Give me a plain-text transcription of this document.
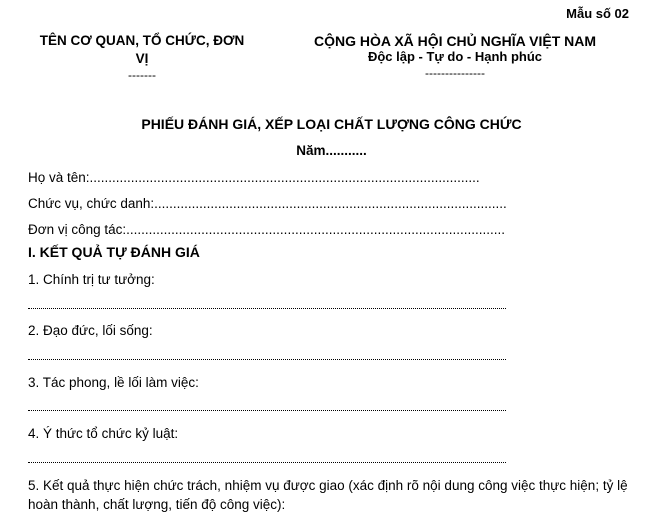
Mẫu số 02
TÊN CƠ QUAN, TỔ CHỨC, ĐƠN
VỊ
-------
CỘNG HÒA XÃ HỘI CHỦ NGHĨA VIỆT NAM
Độc lập - Tự do - Hạnh phúc
---------------
PHIẾU ĐÁNH GIÁ, XẾP LOẠI CHẤT LƯỢNG CÔNG CHỨC
Năm...........
Họ và tên:........................................................................................................
Chức vụ, chức danh:..............................................................................................
Đơn vị công tác:.....................................................................................................
I. KẾT QUẢ TỰ ĐÁNH GIÁ
1. Chính trị tư tưởng:
2. Đạo đức, lối sống:
3. Tác phong, lề lối làm việc:
4. Ý thức tổ chức kỷ luật:
5. Kết quả thực hiện chức trách, nhiệm vụ được giao (xác định rõ nội dung công việc thực hiện; tỷ lệ hoàn thành, chất lượng, tiến độ công việc):
